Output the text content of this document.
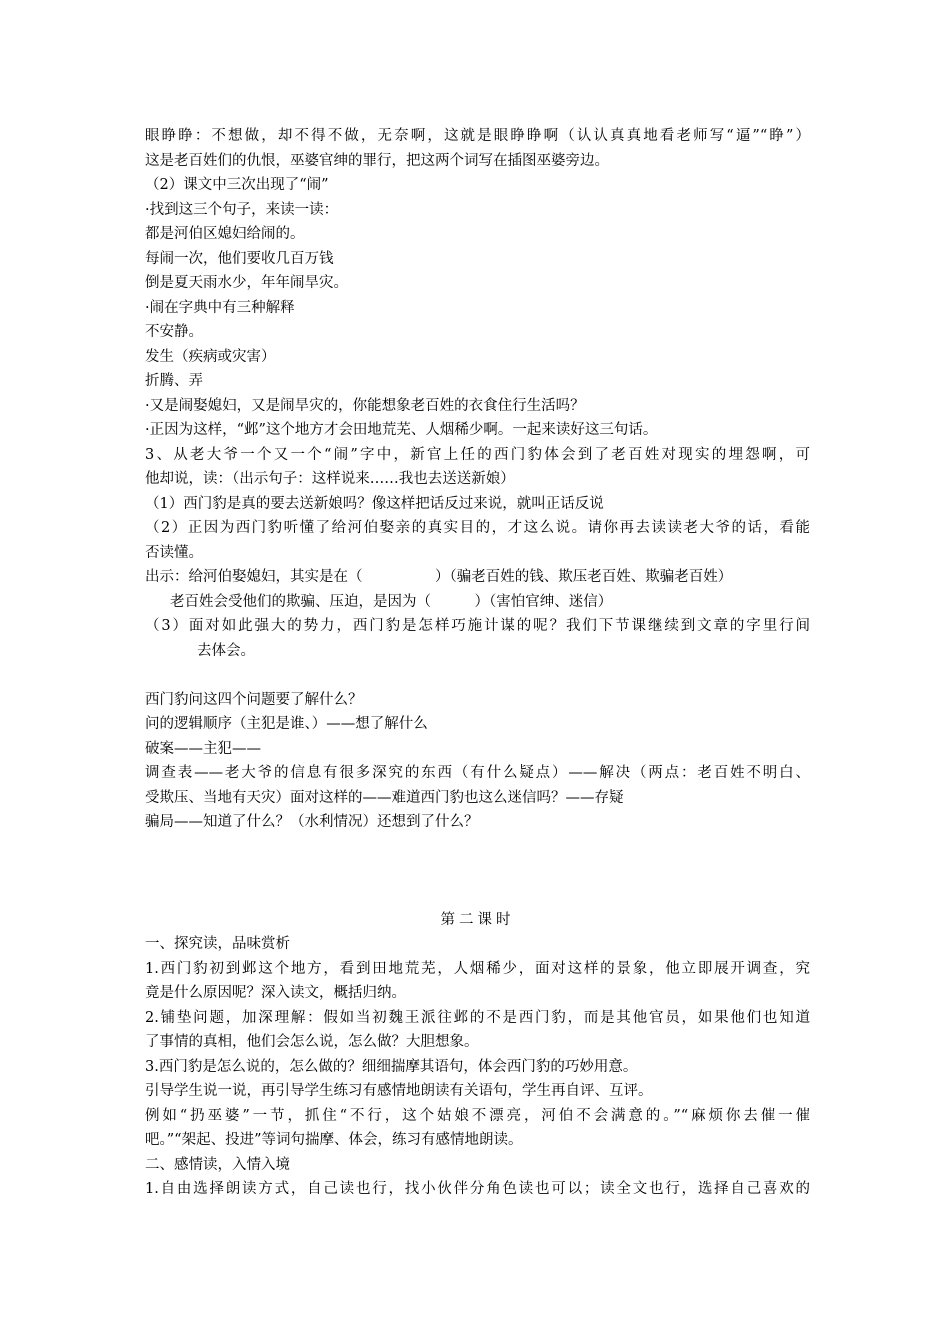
眼睁睁：不想做，却不得不做，无奈啊，这就是眼睁睁啊（认认真真地看老师写“逼”“睁”）
这是老百姓们的仇恨，巫婆官绅的罪行，把这两个词写在插图巫婆旁边。
（2）课文中三次出现了“闹”
·找到这三个句子，来读一读：
都是河伯区媳妇给闹的。
每闹一次，他们要收几百万钱
倒是夏天雨水少，年年闹旱灾。
·闹在字典中有三种解释
不安静。
发生（疾病或灾害）
折腾、弄
·又是闹娶媳妇，又是闹旱灾的，你能想象老百姓的衣食住行生活吗？
·正因为这样，“邺”这个地方才会田地荒芜、人烟稀少啊。一起来读好这三句话。
3、从老大爷一个又一个“闹”字中，新官上任的西门豹体会到了老百姓对现实的埋怨啊，可
他却说，读：（出示句子：这样说来……我也去送送新娘）
（1）西门豹是真的要去送新娘吗？像这样把话反过来说，就叫正话反说
（2）正因为西门豹听懂了给河伯娶亲的真实目的，才这么说。请你再去读读老大爷的话，看能
否读懂。
出示：给河伯娶媳妇，其实是在（　　　　　）（骗老百姓的钱、欺压老百姓、欺骗老百姓）
老百姓会受他们的欺骗、压迫，是因为（　　　）（害怕官绅、迷信）
（3）面对如此强大的势力，西门豹是怎样巧施计谋的呢？我们下节课继续到文章的字里行间
去体会。
西门豹问这四个问题要了解什么？
问的逻辑顺序（主犯是谁、）——想了解什么
破案——主犯——
调查表——老大爷的信息有很多深究的东西（有什么疑点）——解决（两点：老百姓不明白、
受欺压、当地有天灾）面对这样的——难道西门豹也这么迷信吗？——存疑
骗局——知道了什么？（水利情况）还想到了什么？
第二课时
一、探究读，品味赏析
1.西门豹初到邺这个地方，看到田地荒芜，人烟稀少，面对这样的景象，他立即展开调查，究
竟是什么原因呢？深入读文，概括归纳。
2.铺垫问题，加深理解：假如当初魏王派往邺的不是西门豹，而是其他官员，如果他们也知道
了事情的真相，他们会怎么说，怎么做？大胆想象。
3.西门豹是怎么说的，怎么做的？细细揣摩其语句，体会西门豹的巧妙用意。
引导学生说一说，再引导学生练习有感情地朗读有关语句，学生再自评、互评。
例如“扔巫婆”一节，抓住“不行，这个姑娘不漂亮，河伯不会满意的。”“麻烦你去催一催
吧。”“架起、投进”等词句揣摩、体会，练习有感情地朗读。
二、感情读，入情入境
1.自由选择朗读方式，自己读也行，找小伙伴分角色读也可以；读全文也行，选择自己喜欢的
